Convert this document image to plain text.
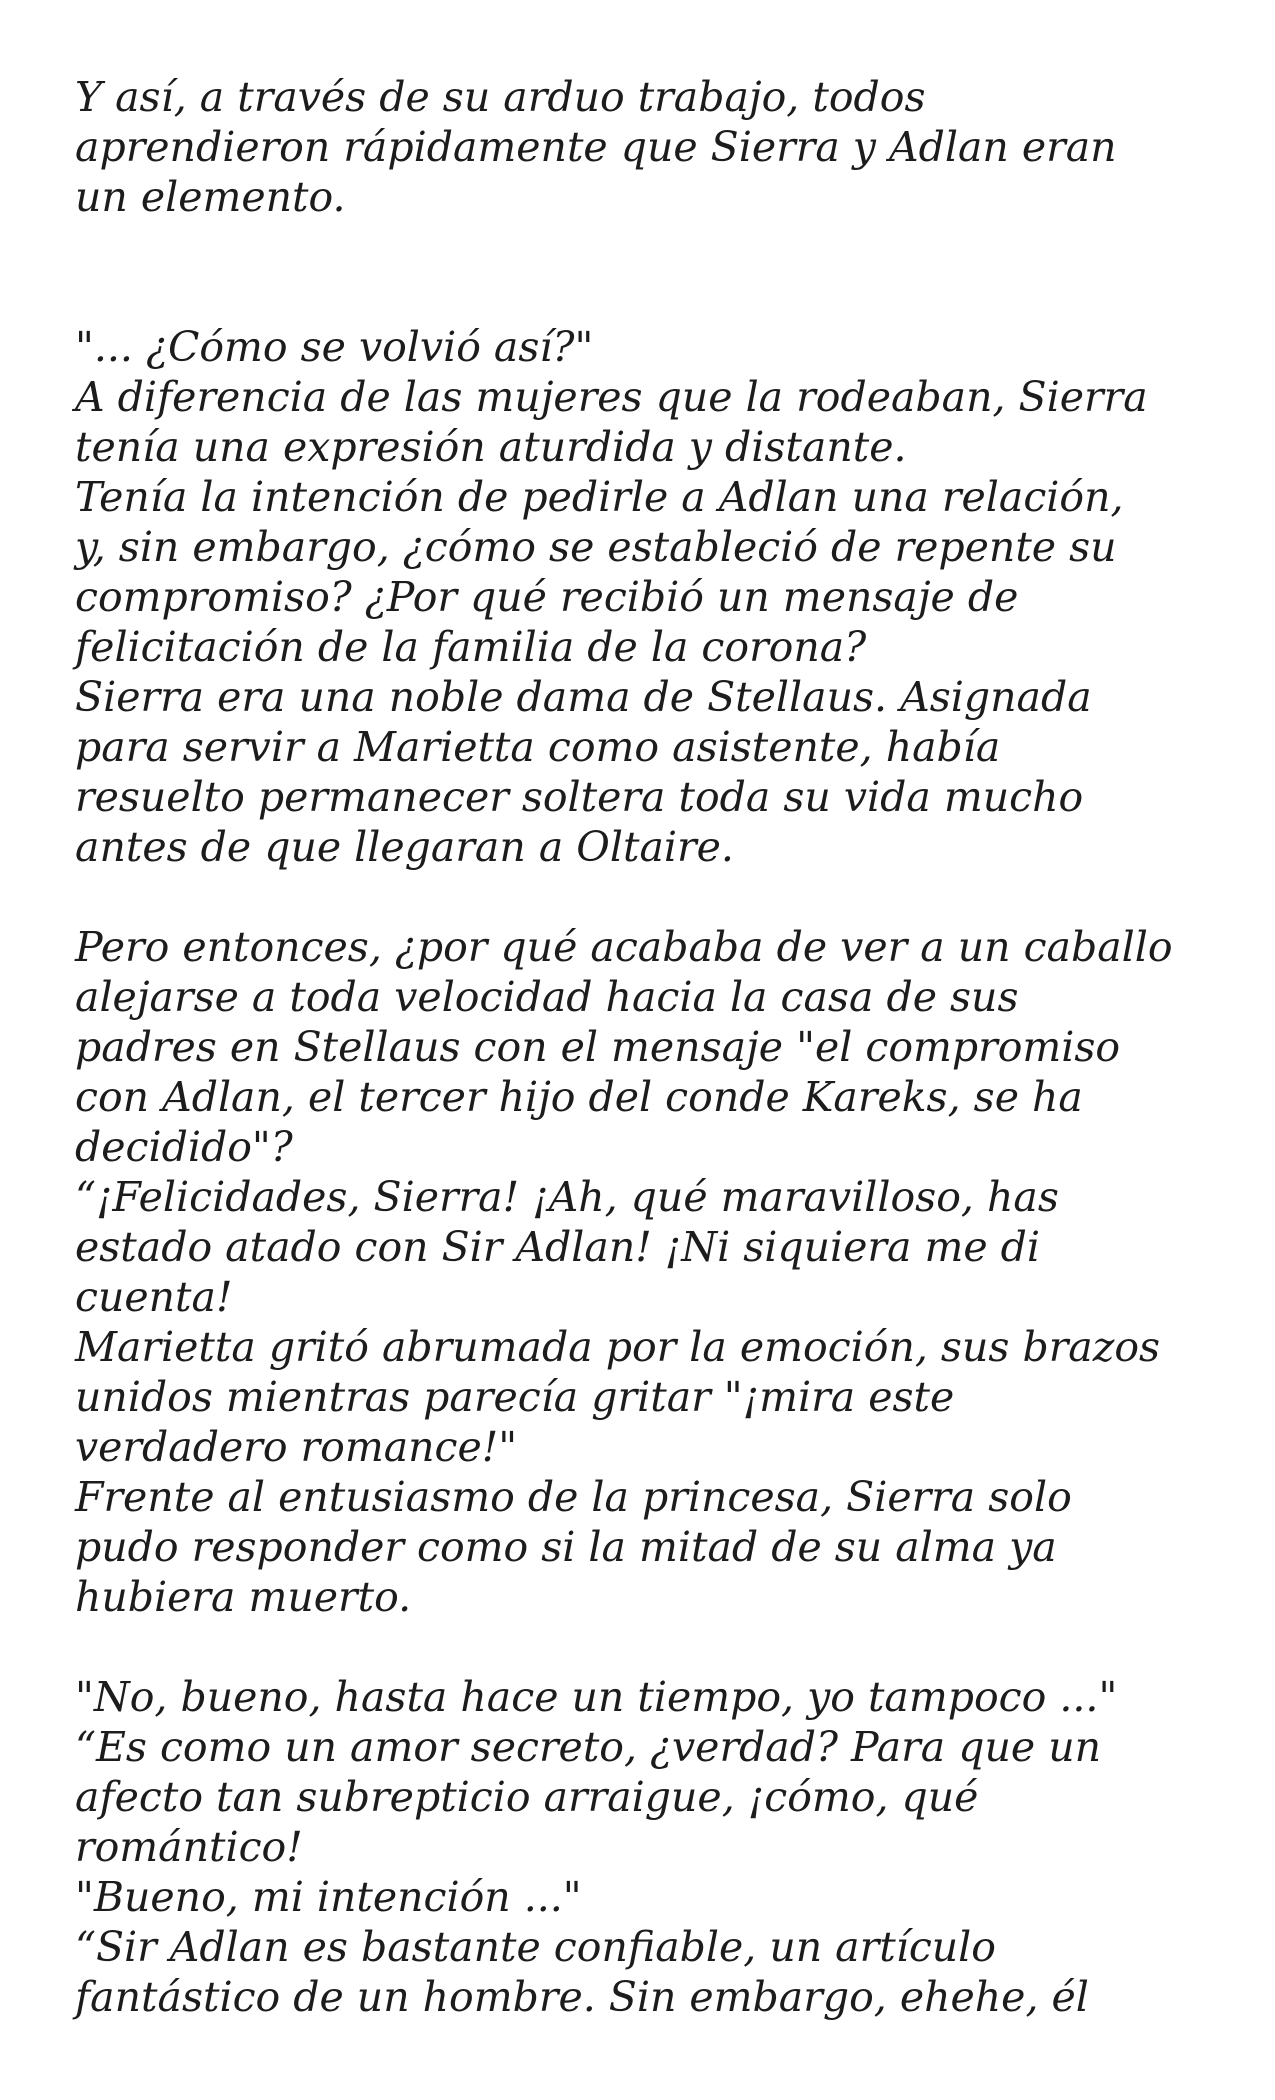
Y así, a través de su arduo trabajo, todos
aprendieron rápidamente que Sierra y Adlan eran
un elemento.
"... ¿Cómo se volvió así?"
A diferencia de las mujeres que la rodeaban, Sierra
tenía una expresión aturdida y distante.
Tenía la intención de pedirle a Adlan una relación,
y, sin embargo, ¿cómo se estableció de repente su
compromiso? ¿Por qué recibió un mensaje de
felicitación de la familia de la corona?
Sierra era una noble dama de Stellaus. Asignada
para servir a Marietta como asistente, había
resuelto permanecer soltera toda su vida mucho
antes de que llegaran a Oltaire.
Pero entonces, ¿por qué acababa de ver a un caballo
alejarse a toda velocidad hacia la casa de sus
padres en Stellaus con el mensaje "el compromiso
con Adlan, el tercer hijo del conde Kareks, se ha
decidido"?
“¡Felicidades, Sierra! ¡Ah, qué maravilloso, has
estado atado con Sir Adlan! ¡Ni siquiera me di
cuenta!
Marietta gritó abrumada por la emoción, sus brazos
unidos mientras parecía gritar "¡mira este
verdadero romance!"
Frente al entusiasmo de la princesa, Sierra solo
pudo responder como si la mitad de su alma ya
hubiera muerto.
"No, bueno, hasta hace un tiempo, yo tampoco ..."
“Es como un amor secreto, ¿verdad? Para que un
afecto tan subrepticio arraigue, ¡cómo, qué
romántico!
"Bueno, mi intención ..."
“Sir Adlan es bastante confiable, un artículo
fantástico de un hombre. Sin embargo, ehehe, él
